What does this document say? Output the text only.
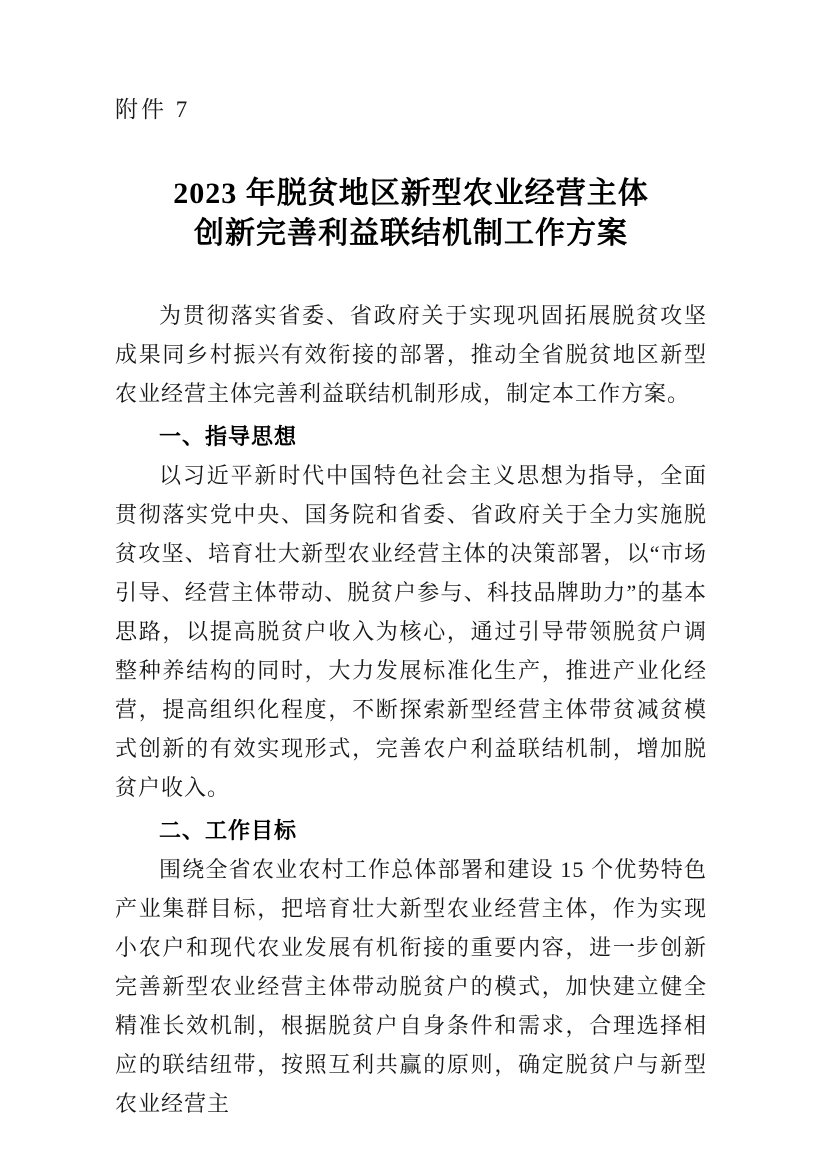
附件 7
2023 年脱贫地区新型农业经营主体
创新完善利益联结机制工作方案

为贯彻落实省委、省政府关于实现巩固拓展脱贫攻坚成果同乡村振兴有效衔接的部署，推动全省脱贫地区新型农业经营主体完善利益联结机制形成，制定本工作方案。

一、指导思想

以习近平新时代中国特色社会主义思想为指导，全面贯彻落实党中央、国务院和省委、省政府关于全力实施脱贫攻坚、培育壮大新型农业经营主体的决策部署，以“市场引导、经营主体带动、脱贫户参与、科技品牌助力”的基本思路，以提高脱贫户收入为核心，通过引导带领脱贫户调整种养结构的同时，大力发展标准化生产，推进产业化经营，提高组织化程度，不断探索新型经营主体带贫减贫模式创新的有效实现形式，完善农户利益联结机制，增加脱贫户收入。

二、工作目标

围绕全省农业农村工作总体部署和建设 15 个优势特色产业集群目标，把培育壮大新型农业经营主体，作为实现小农户和现代农业发展有机衔接的重要内容，进一步创新完善新型农业经营主体带动脱贫户的模式，加快建立健全精准长效机制，根据脱贫户自身条件和需求，合理选择相应的联结纽带，按照互利共赢的原则，确定脱贫户与新型农业经营主
